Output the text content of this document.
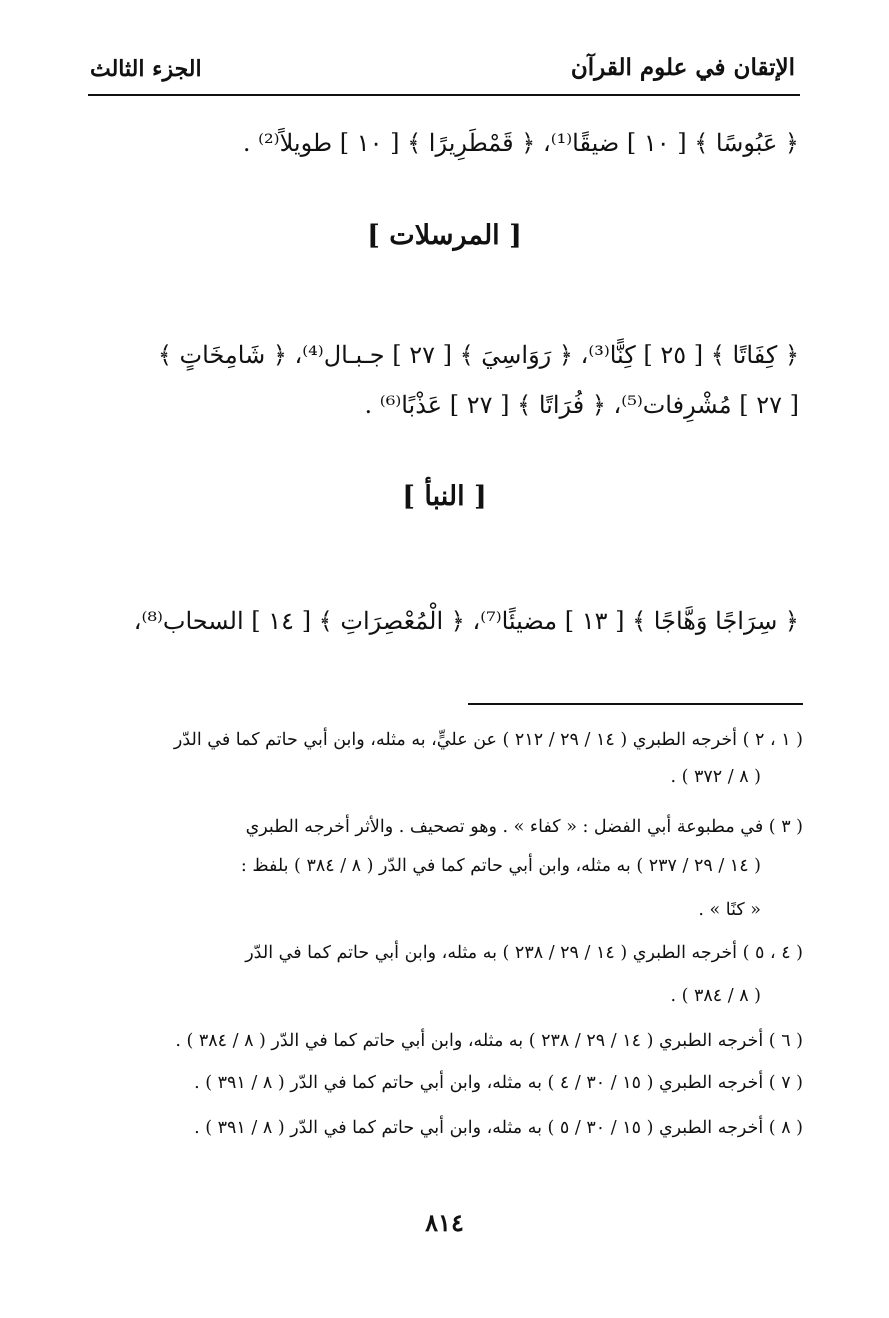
الإتقان في علوم القرآن
الجزء الثالث
﴿ عَبُوسًا ﴾ [ ١٠ ] ضيقًا⁽¹⁾، ﴿ قَمْطَرِيرًا ﴾ [ ١٠ ] طويلاً⁽²⁾ .
[ المرسلات ]
﴿ كِفَاتًا ﴾ [ ٢٥ ] كِنًّا⁽³⁾، ﴿ رَوَاسِيَ ﴾ [ ٢٧ ] جـبـال⁽⁴⁾، ﴿ شَامِخَاتٍ ﴾
[ ٢٧ ] مُشْرِفات⁽⁵⁾، ﴿ فُرَاتًا ﴾ [ ٢٧ ] عَذْبًا⁽⁶⁾ .
[ النبأ ]
﴿ سِرَاجًا وَهَّاجًا ﴾ [ ١٣ ] مضيئًا⁽⁷⁾، ﴿ الْمُعْصِرَاتِ ﴾ [ ١٤ ] السحاب⁽⁸⁾،
( ١ ، ٢ ) أخرجه الطبري ( ١٤ / ٢٩ / ٢١٢ ) عن عليٍّ، به مثله، وابن أبي حاتم كما في الدّر
( ٨ / ٣٧٢ ) .
( ٣ ) في مطبوعة أبي الفضل : « كفاء » . وهو تصحيف . والأثر أخرجه الطبري
( ١٤ / ٢٩ / ٢٣٧ ) به مثله، وابن أبي حاتم كما في الدّر ( ٨ / ٣٨٤ ) بلفظ :
« كنًا » .
( ٤ ، ٥ ) أخرجه الطبري ( ١٤ / ٢٩ / ٢٣٨ ) به مثله، وابن أبي حاتم كما في الدّر
( ٨ / ٣٨٤ ) .
( ٦ ) أخرجه الطبري ( ١٤ / ٢٩ / ٢٣٨ ) به مثله، وابن أبي حاتم كما في الدّر ( ٨ / ٣٨٤ ) .
( ٧ ) أخرجه الطبري ( ١٥ / ٣٠ / ٤ ) به مثله، وابن أبي حاتم كما في الدّر ( ٨ / ٣٩١ ) .
( ٨ ) أخرجه الطبري ( ١٥ / ٣٠ / ٥ ) به مثله، وابن أبي حاتم كما في الدّر ( ٨ / ٣٩١ ) .
٨١٤
